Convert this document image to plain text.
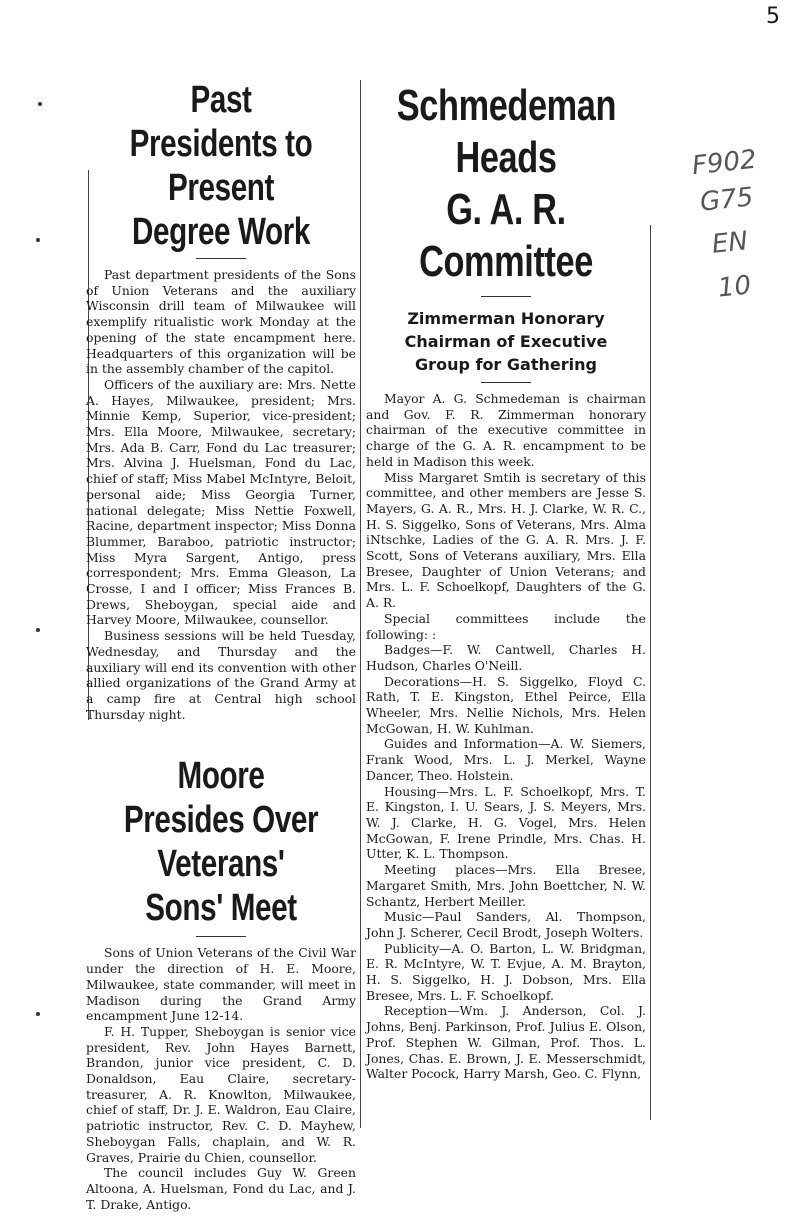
5
F902
G75
EN
10
Past Presidents to
Present Degree Work

Past department presidents of the Sons of Union Veterans and the auxiliary Wisconsin drill team of Milwaukee will exemplify ritualistic work Monday at the opening of the state encampment here. Headquarters of this organization will be in the assembly chamber of the capitol.

Officers of the auxiliary are: Mrs. Nette A. Hayes, Milwaukee, president; Mrs. Minnie Kemp, Superior, vice-president; Mrs. Ella Moore, Milwaukee, secretary; Mrs. Ada B. Carr, Fond du Lac treasurer; Mrs. Alvina J. Huelsman, Fond du Lac, chief of staff; Miss Mabel McIntyre, Beloit, personal aide; Miss Georgia Turner, national delegate; Miss Nettie Foxwell, Racine, department inspector; Miss Donna Blummer, Baraboo, patriotic instructor; Miss Myra Sargent, Antigo, press correspondent; Mrs. Emma Gleason, La Crosse, I and I officer; Miss Frances B. Drews, Sheboygan, special aide and Harvey Moore, Milwaukee, counsellor.

Business sessions will be held Tuesday, Wednesday, and Thursday and the auxiliary will end its convention with other allied organizations of the Grand Army at a camp fire at Central high school Thursday night.

Moore Presides Over
Veterans' Sons' Meet

Sons of Union Veterans of the Civil War under the direction of H. E. Moore, Milwaukee, state commander, will meet in Madison during the Grand Army encampment June 12-14.

F. H. Tupper, Sheboygan is senior vice president, Rev. John Hayes Barnett, Brandon, junior vice president, C. D. Donaldson, Eau Claire, secretary-treasurer, A. R. Knowlton, Milwaukee, chief of staff, Dr. J. E. Waldron, Eau Claire, patriotic instructor, Rev. C. D. Mayhew, Sheboygan Falls, chaplain, and W. R. Graves, Prairie du Chien, counsellor.

The council includes Guy W. Green Altoona, A. Huelsman, Fond du Lac, and J. T. Drake, Antigo.

Schmedeman Heads
G. A. R. Committee

Zimmerman Honorary

Chairman of Executive

Group for Gathering

Mayor A. G. Schmedeman is chairman and Gov. F. R. Zimmerman honorary chairman of the executive committee in charge of the G. A. R. encampment to be held in Madison this week.

Miss Margaret Smtih is secretary of this committee, and other members are Jesse S. Mayers, G. A. R., Mrs. H. J. Clarke, W. R. C., H. S. Siggelko, Sons of Veterans, Mrs. Alma iNtschke, Ladies of the G. A. R. Mrs. J. F. Scott, Sons of Veterans auxiliary, Mrs. Ella Bresee, Daughter of Union Veterans; and Mrs. L. F. Schoelkopf, Daughters of the G. A. R.

Special committees include the following: :

Badges—F. W. Cantwell, Charles H. Hudson, Charles O'Neill.

Decorations—H. S. Siggelko, Floyd C. Rath, T. E. Kingston, Ethel Peirce, Ella Wheeler, Mrs. Nellie Nichols, Mrs. Helen McGowan, H. W. Kuhlman.

Guides and Information—A. W. Siemers, Frank Wood, Mrs. L. J. Merkel, Wayne Dancer, Theo. Holstein.

Housing—Mrs. L. F. Schoelkopf, Mrs. T. E. Kingston, I. U. Sears, J. S. Meyers, Mrs. W. J. Clarke, H. G. Vogel, Mrs. Helen McGowan, F. Irene Prindle, Mrs. Chas. H. Utter, K. L. Thompson.

Meeting places—Mrs. Ella Bresee, Margaret Smith, Mrs. John Boettcher, N. W. Schantz, Herbert Meiller.

Music—Paul Sanders, Al. Thompson, John J. Scherer, Cecil Brodt, Joseph Wolters.

Publicity—A. O. Barton, L. W. Bridgman, E. R. McIntyre, W. T. Evjue, A. M. Brayton, H. S. Siggelko, H. J. Dobson, Mrs. Ella Bresee, Mrs. L. F. Schoelkopf.

Reception—Wm. J. Anderson, Col. J. Johns, Benj. Parkinson, Prof. Julius E. Olson, Prof. Stephen W. Gilman, Prof. Thos. L. Jones, Chas. E. Brown, J. E. Messerschmidt, Walter Pocock, Harry Marsh, Geo. C. Flynn,
